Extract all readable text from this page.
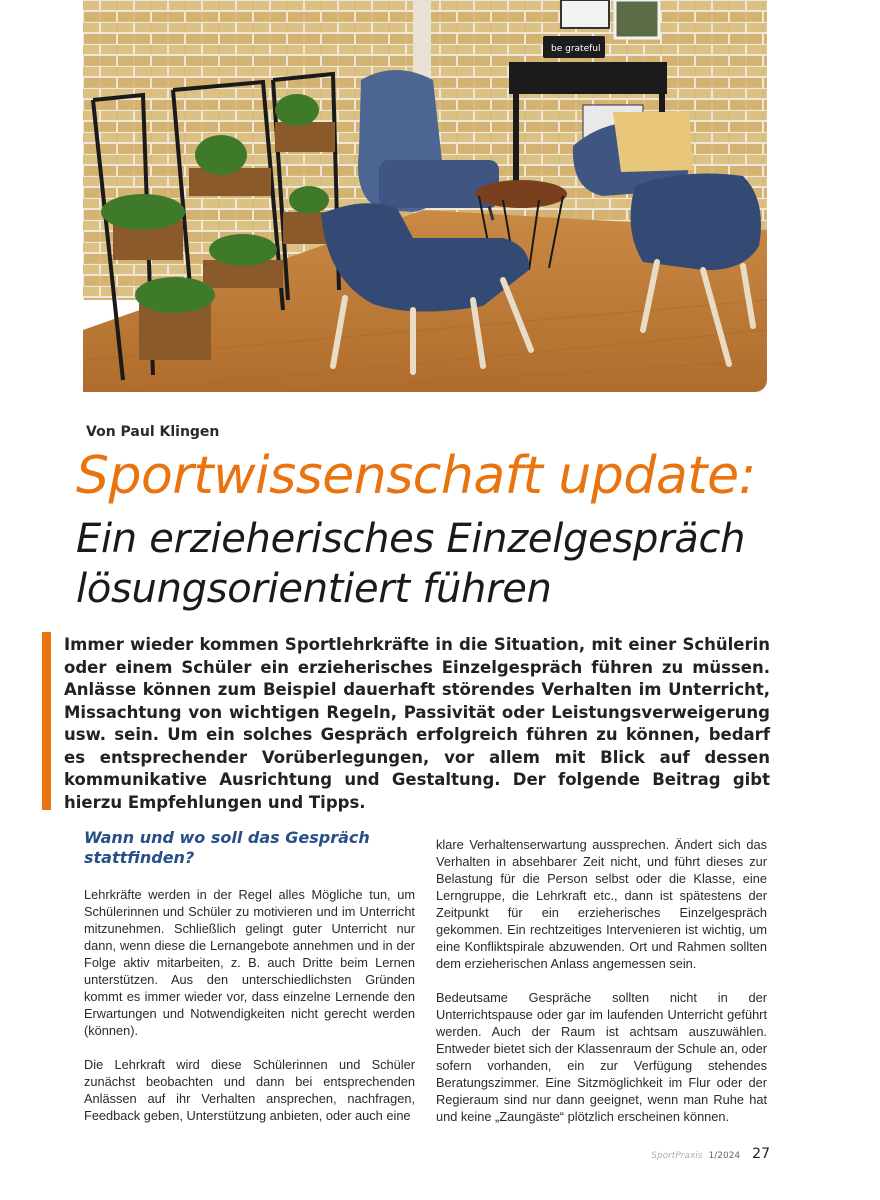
be grateful
Von Paul Klingen
Sportwissenschaft update:
Ein erzieherisches Einzelgespräch lösungsorientiert führen
Immer wieder kommen Sportlehrkräfte in die Situation, mit einer Schülerin oder einem Schüler ein erzieherisches Einzelgespräch führen zu müssen. Anlässe können zum Beispiel dauerhaft störendes Verhalten im Unterricht, Missachtung von wichtigen Regeln, Passivität oder Leistungsverweigerung usw. sein. Um ein solches Gespräch erfolgreich führen zu können, bedarf es entsprechender Vorüberlegungen, vor allem mit Blick auf dessen kommunikative Ausrichtung und Gestaltung. Der folgende Beitrag gibt hierzu Empfehlungen und Tipps.
Wann und wo soll das Gespräch stattfinden?

Lehrkräfte werden in der Regel alles Mögliche tun, um Schülerinnen und Schüler zu motivieren und im Unterricht mitzunehmen. Schließlich gelingt guter Unterricht nur dann, wenn diese die Lernangebote annehmen und in der Folge aktiv mitarbeiten, z. B. auch Dritte beim Lernen unterstützen. Aus den unterschiedlichsten Gründen kommt es immer wieder vor, dass einzelne Lernende den Erwartungen und Notwendigkeiten nicht gerecht werden (können).

Die Lehrkraft wird diese Schülerinnen und Schüler zunächst beobachten und dann bei entsprechenden Anlässen auf ihr Verhalten ansprechen, nachfragen, Feedback geben, Unterstützung anbieten, oder auch eine

klare Verhaltenserwartung aussprechen. Ändert sich das Verhalten in absehbarer Zeit nicht, und führt dieses zur Belastung für die Person selbst oder die Klasse, eine Lerngruppe, die Lehrkraft etc., dann ist spätestens der Zeitpunkt für ein erzieherisches Einzelgespräch gekommen. Ein rechtzeitiges Intervenieren ist wichtig, um eine Konfliktspirale abzuwenden. Ort und Rahmen sollten dem erzieherischen Anlass angemessen sein.

Bedeutsame Gespräche sollten nicht in der Unterrichtspause oder gar im laufenden Unterricht geführt werden. Auch der Raum ist achtsam auszuwählen. Entweder bietet sich der Klassenraum der Schule an, oder sofern vorhanden, ein zur Verfügung stehendes Beratungszimmer. Eine Sitzmöglichkeit im Flur oder der Regieraum sind nur dann geeignet, wenn man Ruhe hat und keine „Zaungäste“ plötzlich erscheinen können.

SportPraxis 1/2024 27
